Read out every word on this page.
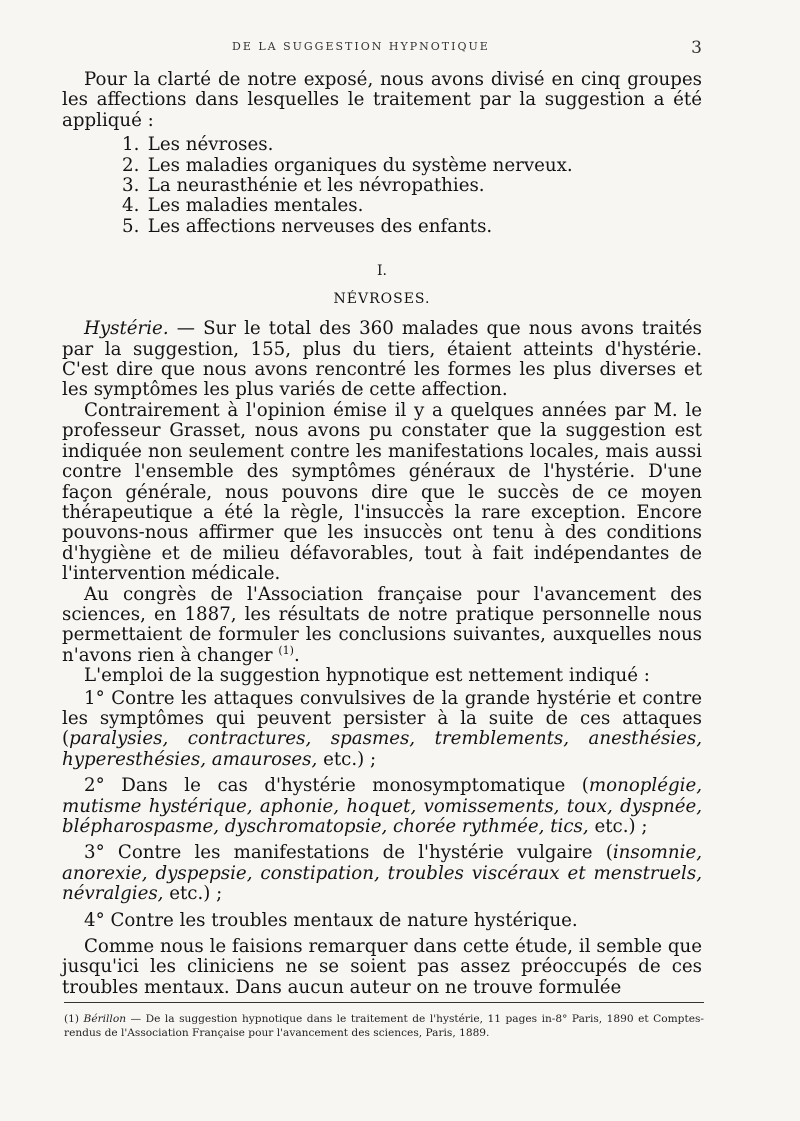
DE LA SUGGESTION HYPNOTIQUE	3

Pour la clarté de notre exposé, nous avons divisé en cinq groupes les affections dans lesquelles le traitement par la suggestion a été appliqué :

1. Les névroses.
2. Les maladies organiques du système nerveux.
3. La neurasthénie et les névropathies.
4. Les maladies mentales.
5. Les affections nerveuses des enfants.
I.
NÉVROSES.

Hystérie. — Sur le total des 360 malades que nous avons traités par la suggestion, 155, plus du tiers, étaient atteints d'hystérie. C'est dire que nous avons rencontré les formes les plus diverses et les symptômes les plus variés de cette affection.

Contrairement à l'opinion émise il y a quelques années par M. le professeur Grasset, nous avons pu constater que la suggestion est indiquée non seulement contre les manifestations locales, mais aussi contre l'ensemble des symptômes généraux de l'hystérie. D'une façon générale, nous pouvons dire que le succès de ce moyen thérapeutique a été la règle, l'insuccès la rare exception. Encore pouvons-nous affirmer que les insuccès ont tenu à des conditions d'hygiène et de milieu défavorables, tout à fait indépendantes de l'intervention médicale.

Au congrès de l'Association française pour l'avancement des sciences, en 1887, les résultats de notre pratique personnelle nous permettaient de formuler les conclusions suivantes, auxquelles nous n'avons rien à changer $^{(1)}$.

L'emploi de la suggestion hypnotique est nettement indiqué :

1° Contre les attaques convulsives de la grande hystérie et contre les symptômes qui peuvent persister à la suite de ces attaques (paralysies, contractures, spasmes, tremblements, anesthésies, hyperesthésies, amauroses, etc.) ;

2° Dans le cas d'hystérie monosymptomatique (monoplégie, mutisme hystérique, aphonie, hoquet, vomissements, toux, dyspnée, blépharospasme, dyschromatopsie, chorée rythmée, tics, etc.) ;

3° Contre les manifestations de l'hystérie vulgaire (insomnie, anorexie, dyspepsie, constipation, troubles viscéraux et menstruels, névralgies, etc.) ;

4° Contre les troubles mentaux de nature hystérique.

Comme nous le faisions remarquer dans cette étude, il semble que jusqu'ici les cliniciens ne se soient pas assez préoccupés de ces troubles mentaux. Dans aucun auteur on ne trouve formulée

(1) Bérillon — De la suggestion hypnotique dans le traitement de l'hystérie, 11 pages in-8° Paris, 1890 et Comptes-rendus de l'Association Française pour l'avancement des sciences, Paris, 1889.
